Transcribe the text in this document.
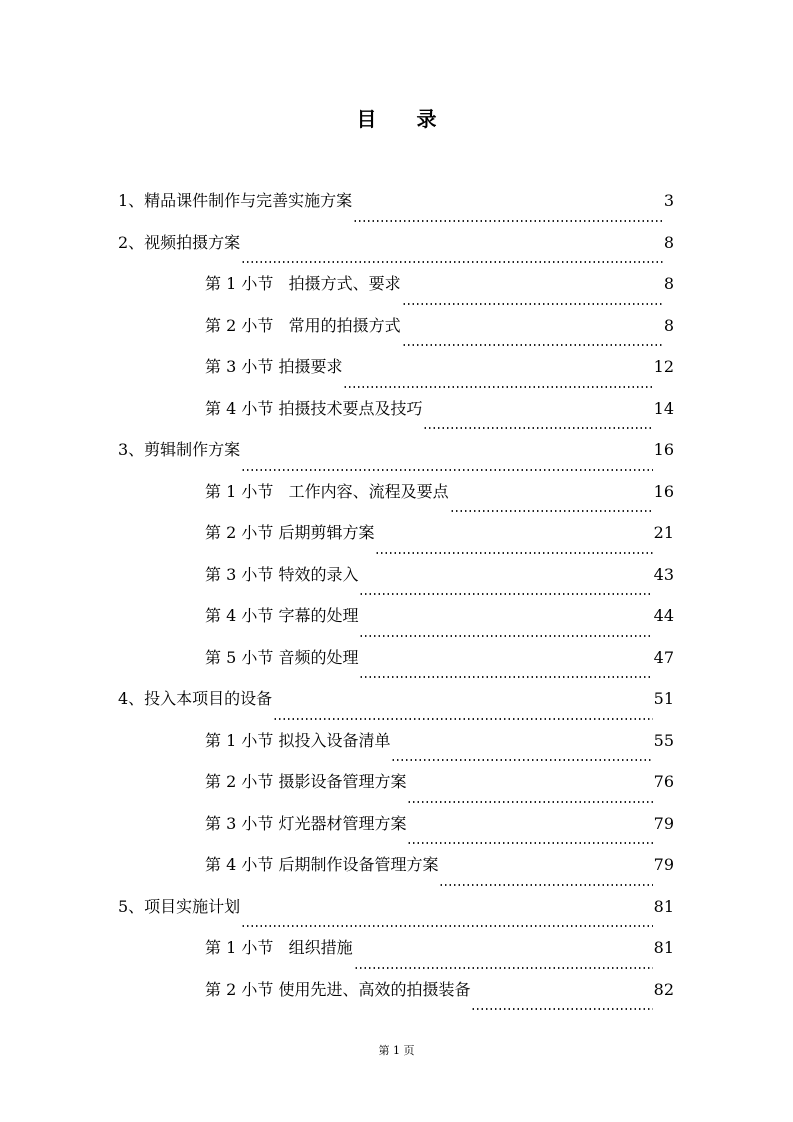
目 录
1、精品课件制作与完善实施方案	3
2、视频拍摄方案	8
第 1 小节   拍摄方式、要求	8
第 2 小节   常用的拍摄方式	8
第 3 小节 拍摄要求	12
第 4 小节 拍摄技术要点及技巧	14
3、剪辑制作方案	16
第 1 小节   工作内容、流程及要点	16
第 2 小节 后期剪辑方案	21
第 3 小节 特效的录入	43
第 4 小节 字幕的处理	44
第 5 小节 音频的处理	47
4、投入本项目的设备	51
第 1 小节 拟投入设备清单	55
第 2 小节 摄影设备管理方案	76
第 3 小节 灯光器材管理方案	79
第 4 小节 后期制作设备管理方案	79
5、项目实施计划	81
第 1 小节   组织措施	81
第 2 小节 使用先进、高效的拍摄装备	82
第 1 页
